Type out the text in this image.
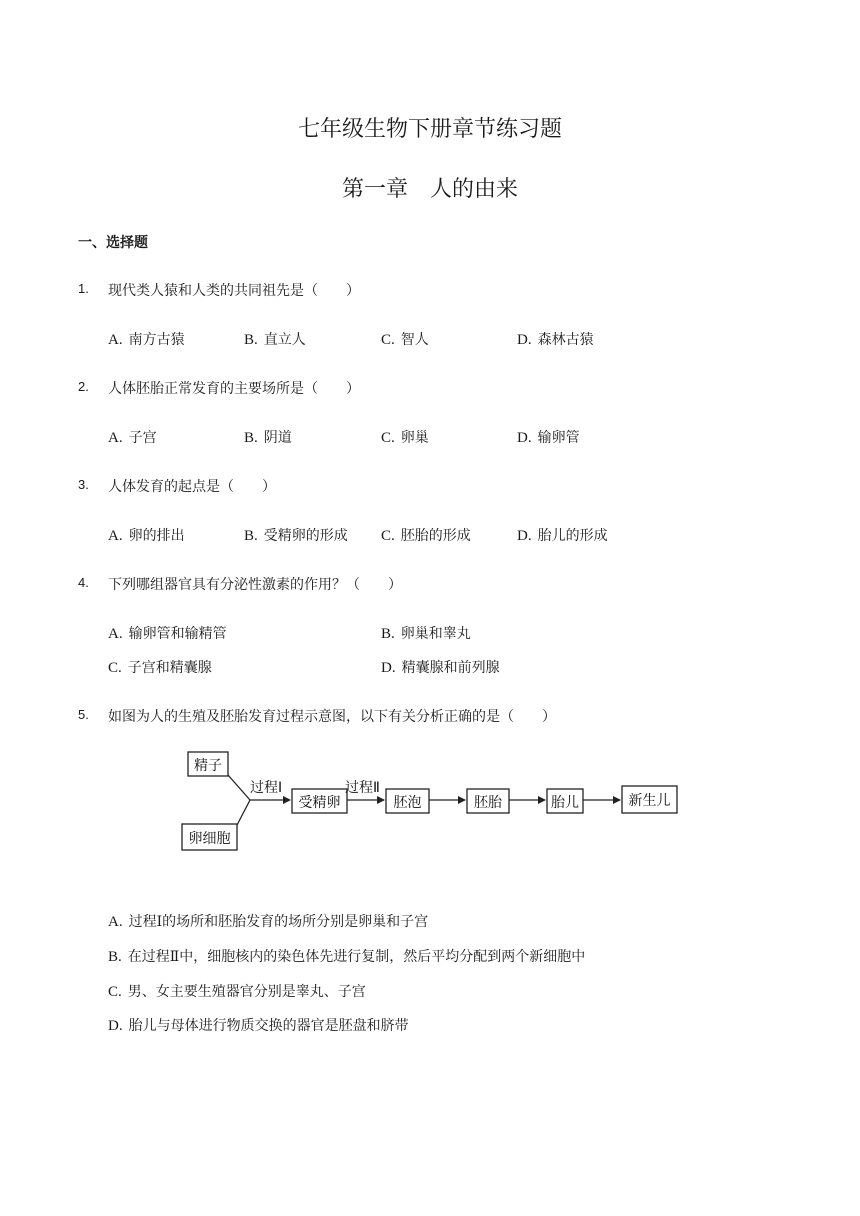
七年级生物下册章节练习题
第一章　人的由来
一、选择题
1. 现代类人猿和人类的共同祖先是（　　）
A. 南方古猿	B. 直立人	C. 智人	D. 森林古猿
2. 人体胚胎正常发育的主要场所是（　　）
A. 子宫	B. 阴道	C. 卵巢	D. 输卵管
3. 人体发育的起点是（　　）
A. 卵的排出	B. 受精卵的形成 C. 胚胎的形成	D. 胎儿的形成
4. 下列哪组器官具有分泌性激素的作用？（　　）
A. 输卵管和输精管	B. 卵巢和睾丸
C. 子宫和精囊腺	D. 精囊腺和前列腺
5. 如图为人的生殖及胚胎发育过程示意图，以下有关分析正确的是（　　）
精子
卵细胞
受精卵	胚泡	胚胎	胎儿	新生儿
过程Ⅰ	过程Ⅱ
A. 过程Ⅰ的场所和胚胎发育的场所分别是卵巢和子宫
B. 在过程Ⅱ中，细胞核内的染色体先进行复制，然后平均分配到两个新细胞中
C. 男、女主要生殖器官分别是睾丸、子宫
D. 胎儿与母体进行物质交换的器官是胚盘和脐带
